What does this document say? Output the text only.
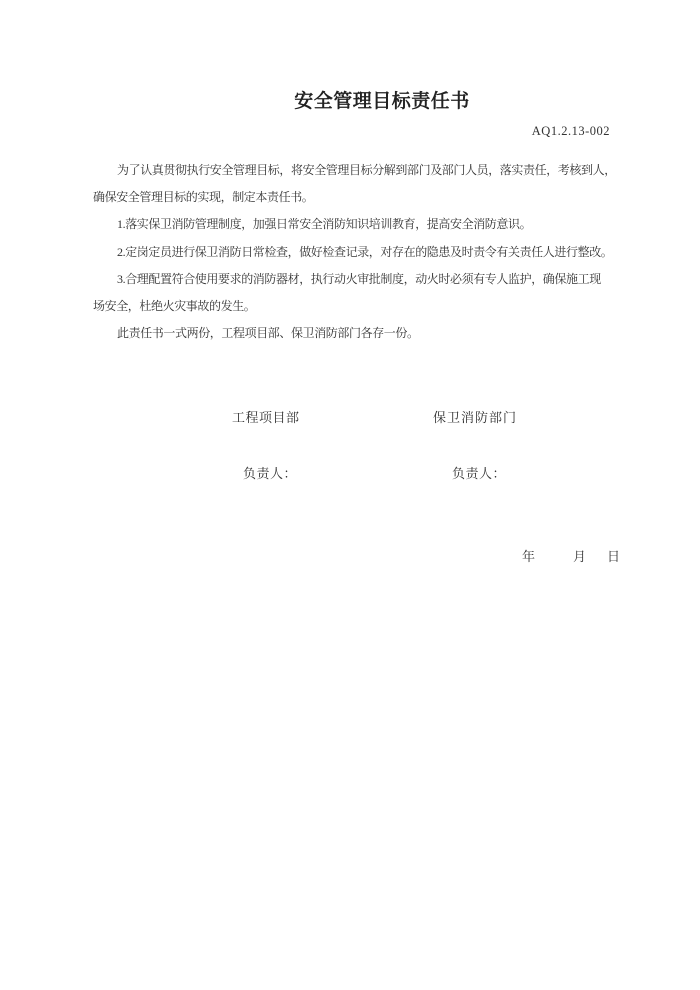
安全管理目标责任书
AQ1.2.13-002
为了认真贯彻执行安全管理目标，将安全管理目标分解到部门及部门人员，落实责任，考核到人，
确保安全管理目标的实现，制定本责任书。
1.落实保卫消防管理制度，加强日常安全消防知识培训教育，提高安全消防意识。
2.定岗定员进行保卫消防日常检查，做好检查记录，对存在的隐患及时责令有关责任人进行整改。
3.合理配置符合使用要求的消防器材，执行动火审批制度，动火时必须有专人监护，确保施工现
场安全，杜绝火灾事故的发生。
此责任书一式两份，工程项目部、保卫消防部门各存一份。
工程项目部	保卫消防部门
负责人：	负责人：
年	月 日
